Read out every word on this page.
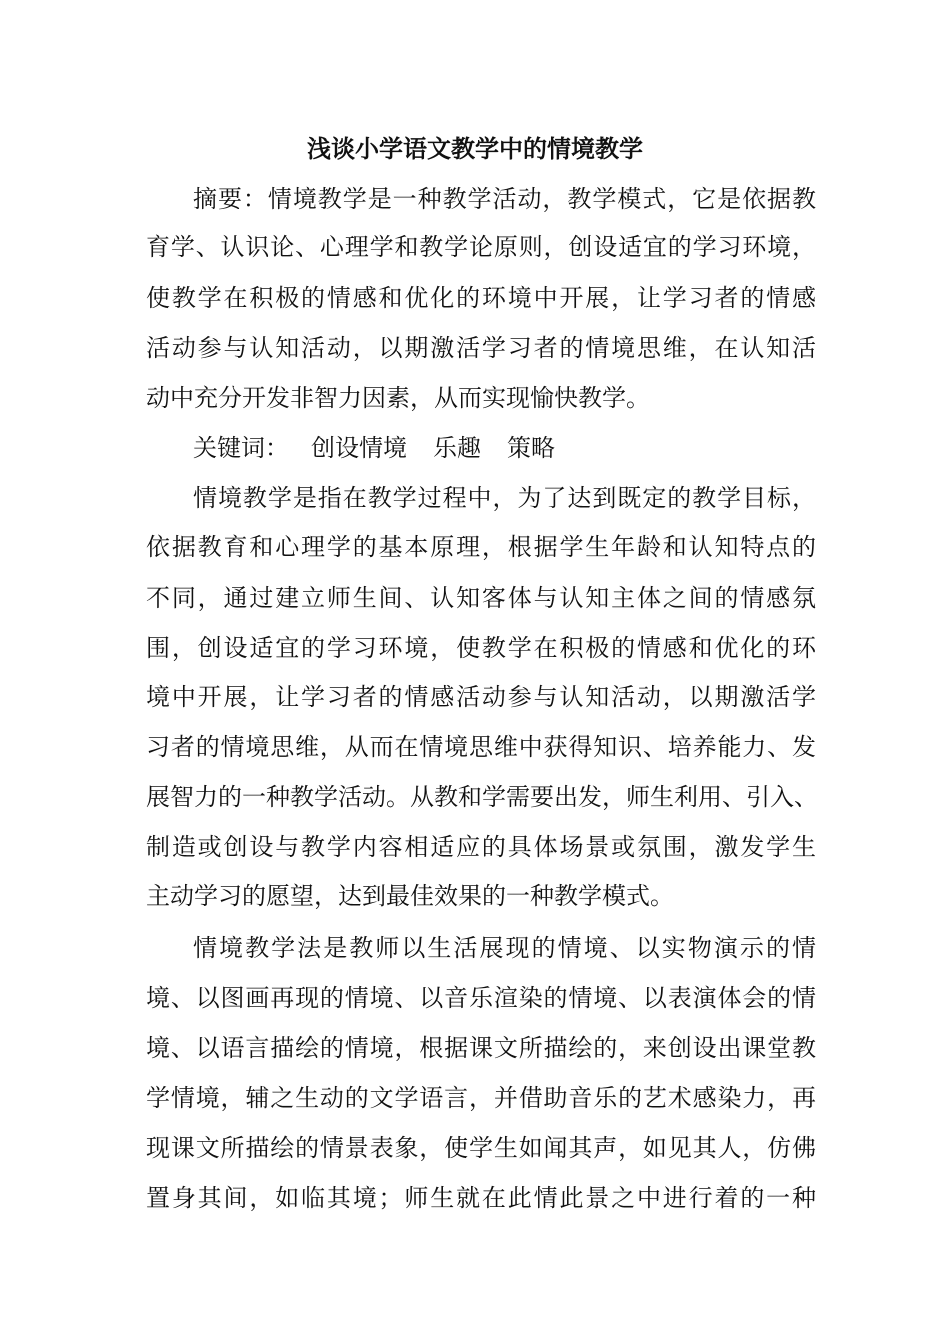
浅谈小学语文教学中的情境教学

摘要：情境教学是一种教学活动，教学模式，它是依据教

育学、认识论、心理学和教学论原则，创设适宜的学习环境，

使教学在积极的情感和优化的环境中开展，让学习者的情感

活动参与认知活动，以期激活学习者的情境思维，在认知活

动中充分开发非智力因素，从而实现愉快教学。

关键词： 创设情境 乐趣 策略

情境教学是指在教学过程中，为了达到既定的教学目标，

依据教育和心理学的基本原理，根据学生年龄和认知特点的

不同，通过建立师生间、认知客体与认知主体之间的情感氛

围，创设适宜的学习环境，使教学在积极的情感和优化的环

境中开展，让学习者的情感活动参与认知活动，以期激活学

习者的情境思维，从而在情境思维中获得知识、培养能力、发

展智力的一种教学活动。从教和学需要出发，师生利用、引入、

制造或创设与教学内容相适应的具体场景或氛围，激发学生

主动学习的愿望，达到最佳效果的一种教学模式。

情境教学法是教师以生活展现的情境、以实物演示的情

境、以图画再现的情境、以音乐渲染的情境、以表演体会的情

境、以语言描绘的情境，根据课文所描绘的，来创设出课堂教

学情境，辅之生动的文学语言，并借助音乐的艺术感染力，再

现课文所描绘的情景表象，使学生如闻其声，如见其人，仿佛

置身其间，如临其境；师生就在此情此景之中进行着的一种
